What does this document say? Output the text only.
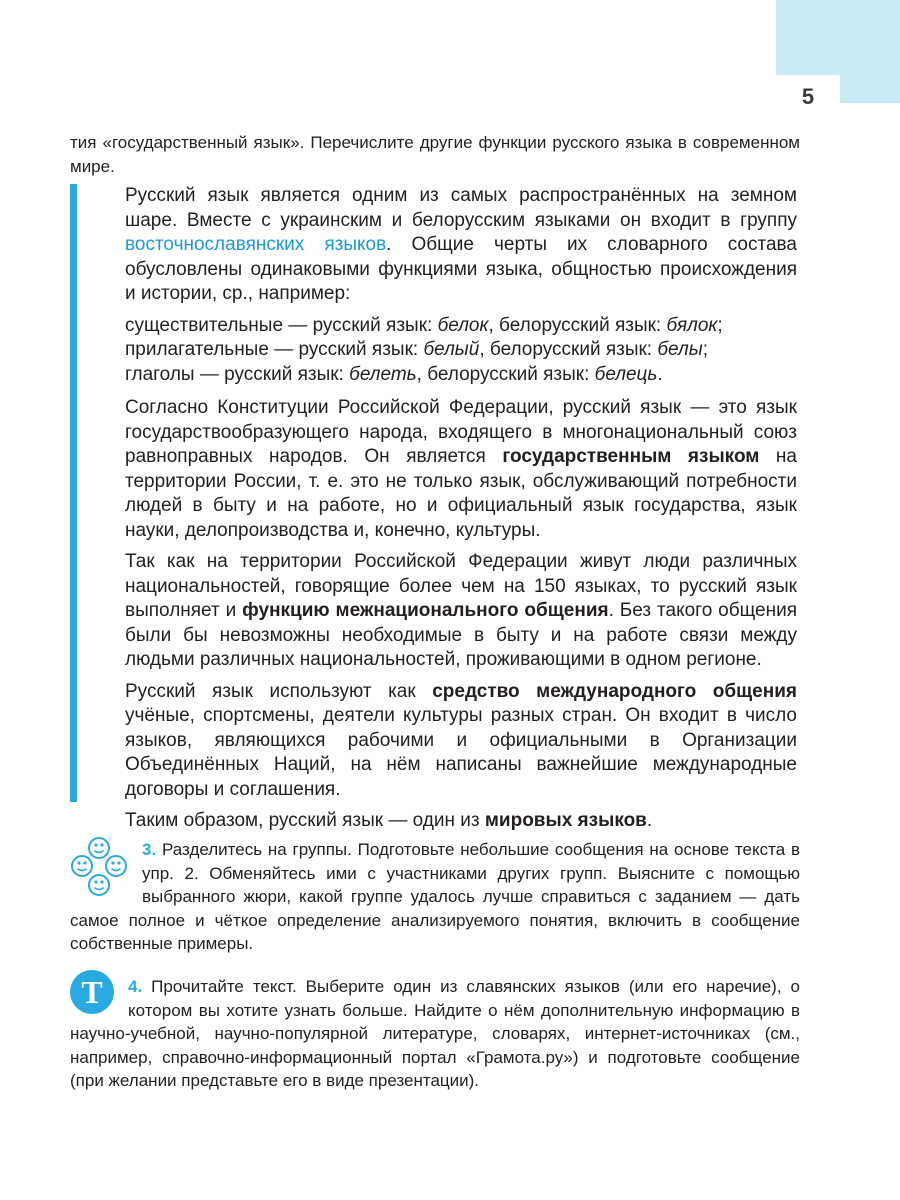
5
тия «государственный язык». Перечислите другие функции русского языка в современном мире.

Русский язык является одним из самых распространённых на земном шаре. Вместе с украинским и белорусским языками он входит в группу восточнославянских языков. Общие черты их словарного состава обусловлены одинаковыми функциями языка, общностью происхождения и истории, ср., например:

существительные — русский язык: белок, белорусский язык: бялок;
прилагательные — русский язык: белый, белорусский язык: белы;
глаголы — русский язык: белеть, белорусский язык: белець.

Согласно Конституции Российской Федерации, русский язык — это язык государствообразующего народа, входящего в многонациональный союз равноправных народов. Он является государственным языком на территории России, т. е. это не только язык, обслуживающий потребности людей в быту и на работе, но и официальный язык государства, язык науки, делопроизводства и, конечно, культуры.

Так как на территории Российской Федерации живут люди различных национальностей, говорящие более чем на 150 языках, то русский язык выполняет и функцию межнационального общения. Без такого общения были бы невозможны необходимые в быту и на работе связи между людьми различных национальностей, проживающими в одном регионе.

Русский язык используют как средство международного общения учёные, спортсмены, деятели культуры разных стран. Он входит в число языков, являющихся рабочими и официальными в Организации Объединённых Наций, на нём написаны важнейшие международные договоры и соглашения.

Таким образом, русский язык — один из мировых языков.

3. Разделитесь на группы. Подготовьте небольшие сообщения на основе текста в упр. 2. Обменяйтесь ими с участниками других групп. Выясните с помощью выбранного жюри, какой группе удалось лучше справиться с заданием — дать самое полное и чёткое определение анализируемого понятия, включить в сообщение собственные примеры.
Т	4. Прочитайте текст. Выберите один из славянских языков (или его наречие), о котором вы хотите узнать больше. Найдите о нём дополнительную информацию в научно-учебной, научно-популярной литературе, словарях, интернет-источниках (см., например, справочно-информационный портал «Грамота.ру») и подготовьте сообщение (при желании представьте его в виде презентации).
